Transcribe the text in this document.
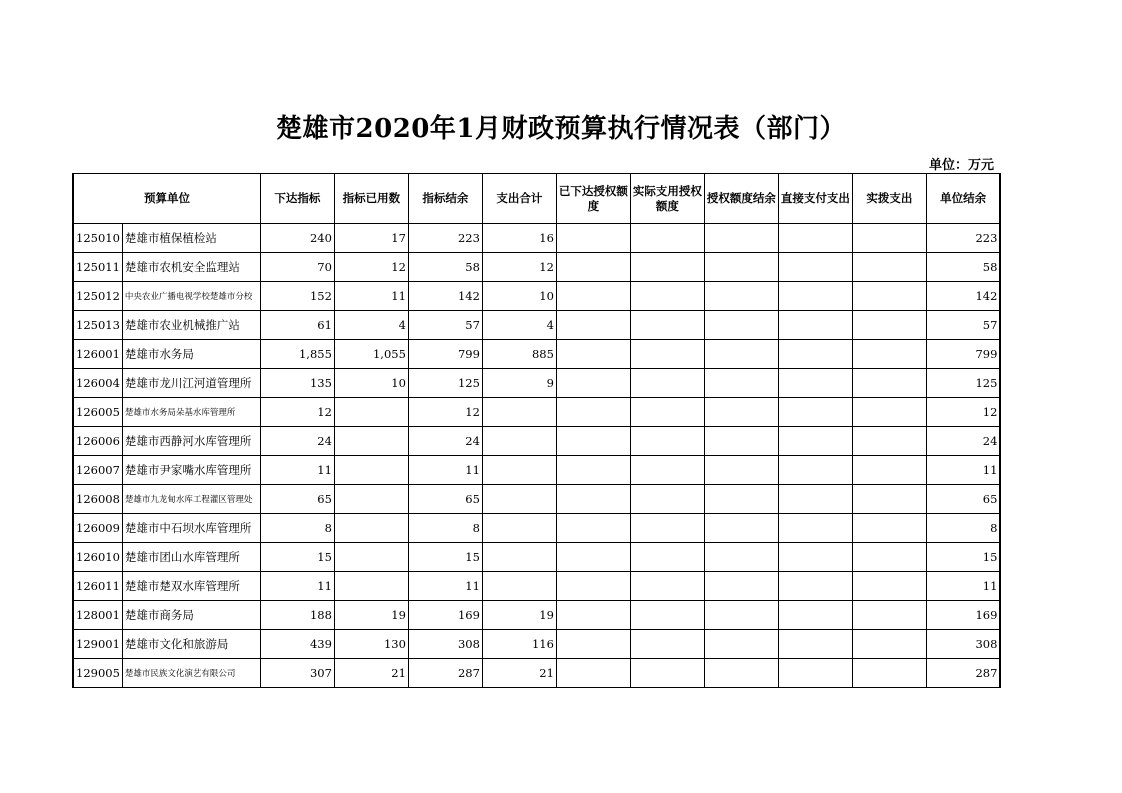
楚雄市2020年1月财政预算执行情况表（部门）
单位：万元
预算单位		下达指标	指标已用数	指标结余	支出合计	已下达授权额度	实际支用授权额度	授权额度结余	直接支付支出	实拨支出	单位结余
125010	楚雄市植保植检站	240	17	223	16						223
125011	楚雄市农机安全监理站	70	12	58	12						58
125012	中央农业广播电视学校楚雄市分校	152	11	142	10						142
125013	楚雄市农业机械推广站	61	4	57	4						57
126001	楚雄市水务局	1,855	1,055	799	885						799
126004	楚雄市龙川江河道管理所	135	10	125	9						125
126005	楚雄市水务局朵基水库管理所	12		12							12
126006	楚雄市西静河水库管理所	24		24							24
126007	楚雄市尹家嘴水库管理所	11		11							11
126008	楚雄市九龙甸水库工程灌区管理处	65		65							65
126009	楚雄市中石坝水库管理所	8		8							8
126010	楚雄市团山水库管理所	15		15							15
126011	楚雄市楚双水库管理所	11		11							11
128001	楚雄市商务局	188	19	169	19						169
129001	楚雄市文化和旅游局	439	130	308	116						308
129005	楚雄市民族文化演艺有限公司	307	21	287	21						287
